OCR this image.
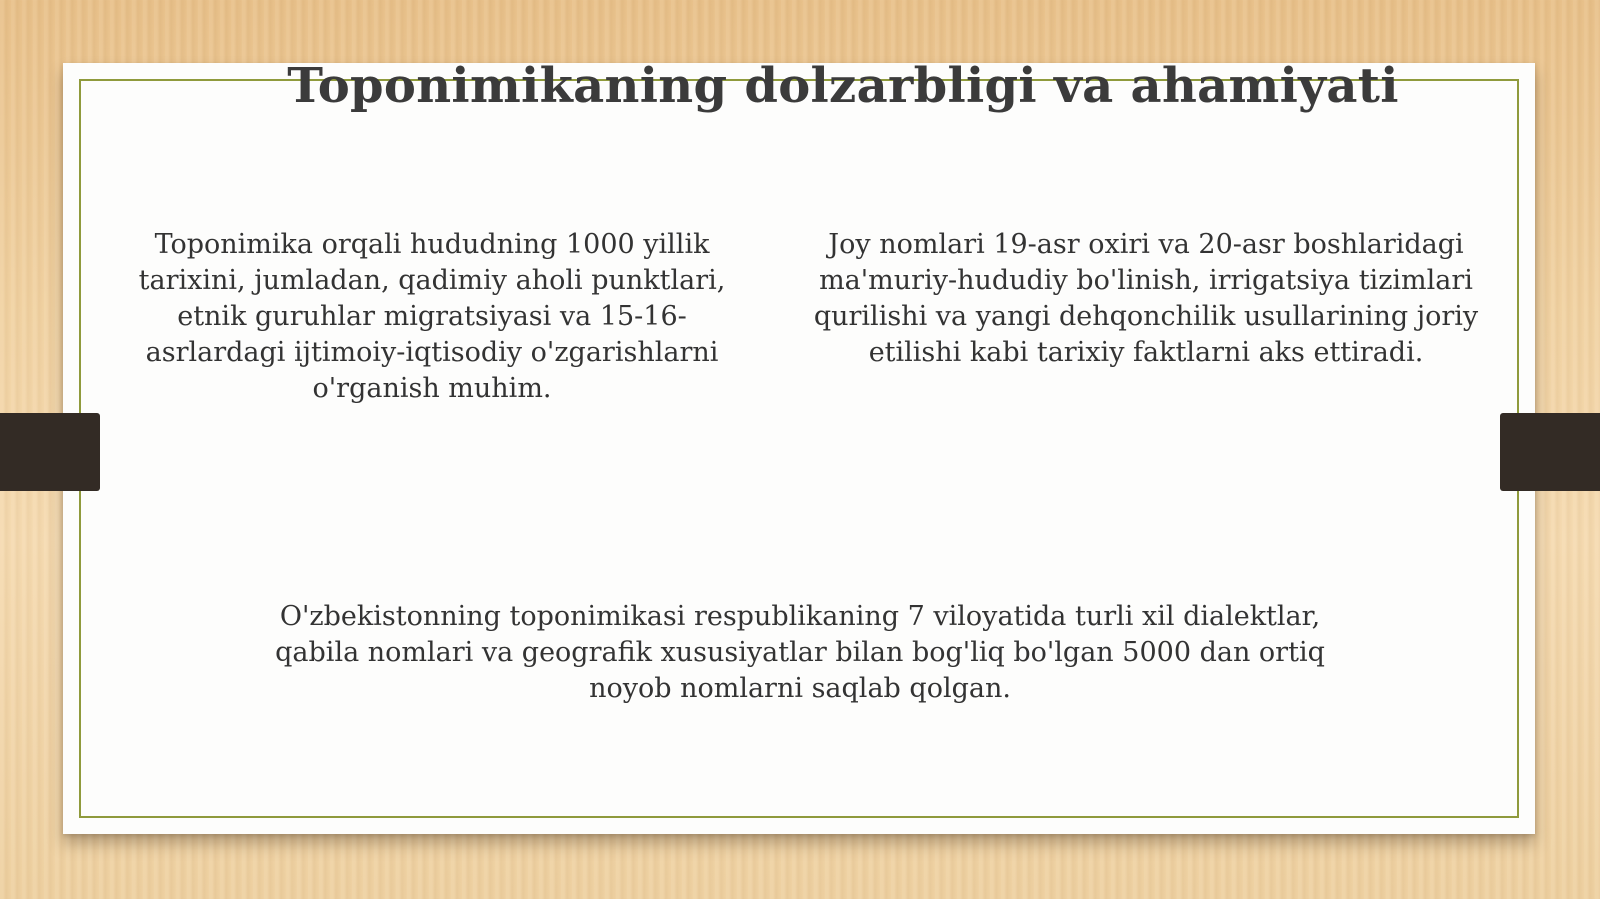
Toponimikaning dolzarbligi va ahamiyati

Toponimika orqali hududning 1000 yillik tarixini, jumladan, qadimiy aholi punktlari, etnik guruhlar migratsiyasi va 15-16-asrlardagi ijtimoiy-iqtisodiy o'zgarishlarni o'rganish muhim.

Joy nomlari 19-asr oxiri va 20-asr boshlaridagi ma'muriy-hududiy bo'linish, irrigatsiya tizimlari qurilishi va yangi dehqonchilik usullarining joriy etilishi kabi tarixiy faktlarni aks ettiradi.

O'zbekistonning toponimikasi respublikaning 7 viloyatida turli xil dialektlar, qabila nomlari va geografik xususiyatlar bilan bog'liq bo'lgan 5000 dan ortiq noyob nomlarni saqlab qolgan.
